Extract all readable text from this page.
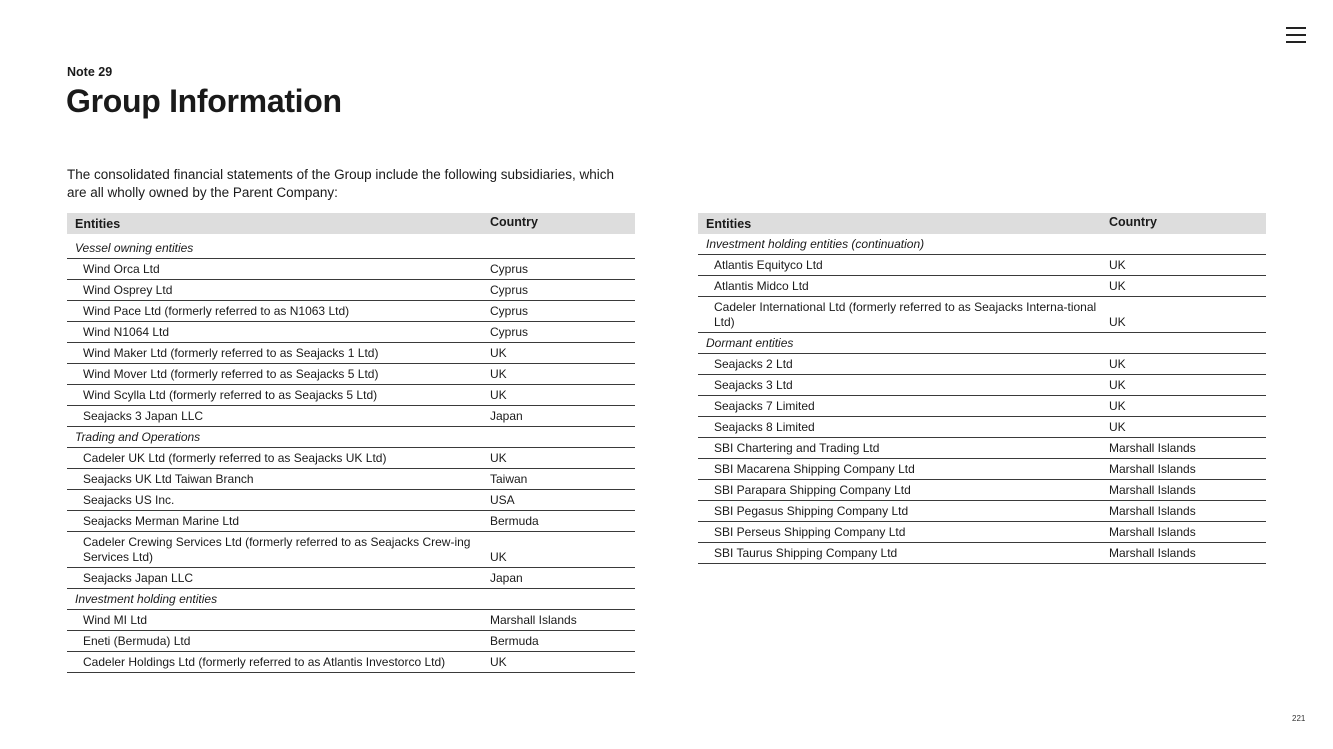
Note 29
Group Information

The consolidated financial statements of the Group include the following subsidiaries, which are all wholly owned by the Parent Company:

Entities	Country
Vessel owning entities
Wind Orca Ltd	Cyprus
Wind Osprey Ltd	Cyprus
Wind Pace Ltd (formerly referred to as N1063 Ltd)	Cyprus
Wind N1064 Ltd	Cyprus
Wind Maker Ltd (formerly referred to as Seajacks 1 Ltd)	UK
Wind Mover Ltd (formerly referred to as Seajacks 5 Ltd)	UK
Wind Scylla Ltd (formerly referred to as Seajacks 5 Ltd)	UK
Seajacks 3 Japan LLC	Japan
Trading and Operations
Cadeler UK Ltd (formerly referred to as Seajacks UK Ltd)	UK
Seajacks UK Ltd Taiwan Branch	Taiwan
Seajacks US Inc.	USA
Seajacks Merman Marine Ltd	Bermuda
Cadeler Crewing Services Ltd (formerly referred to as Seajacks Crew-ing Services Ltd)	UK
Seajacks Japan LLC	Japan
Investment holding entities
Wind MI Ltd	Marshall Islands
Eneti (Bermuda) Ltd	Bermuda
Cadeler Holdings Ltd (formerly referred to as Atlantis Investorco Ltd)	UK
Entities	Country
Investment holding entities (continuation)
Atlantis Equityco Ltd	UK
Atlantis Midco Ltd	UK
Cadeler International Ltd (formerly referred to as Seajacks Interna-tional Ltd)	UK
Dormant entities
Seajacks 2 Ltd	UK
Seajacks 3 Ltd	UK
Seajacks 7 Limited	UK
Seajacks 8 Limited	UK
SBI Chartering and Trading Ltd	Marshall Islands
SBI Macarena Shipping Company Ltd	Marshall Islands
SBI Parapara Shipping Company Ltd	Marshall Islands
SBI Pegasus Shipping Company Ltd	Marshall Islands
SBI Perseus Shipping Company Ltd	Marshall Islands
SBI Taurus Shipping Company Ltd	Marshall Islands
221
